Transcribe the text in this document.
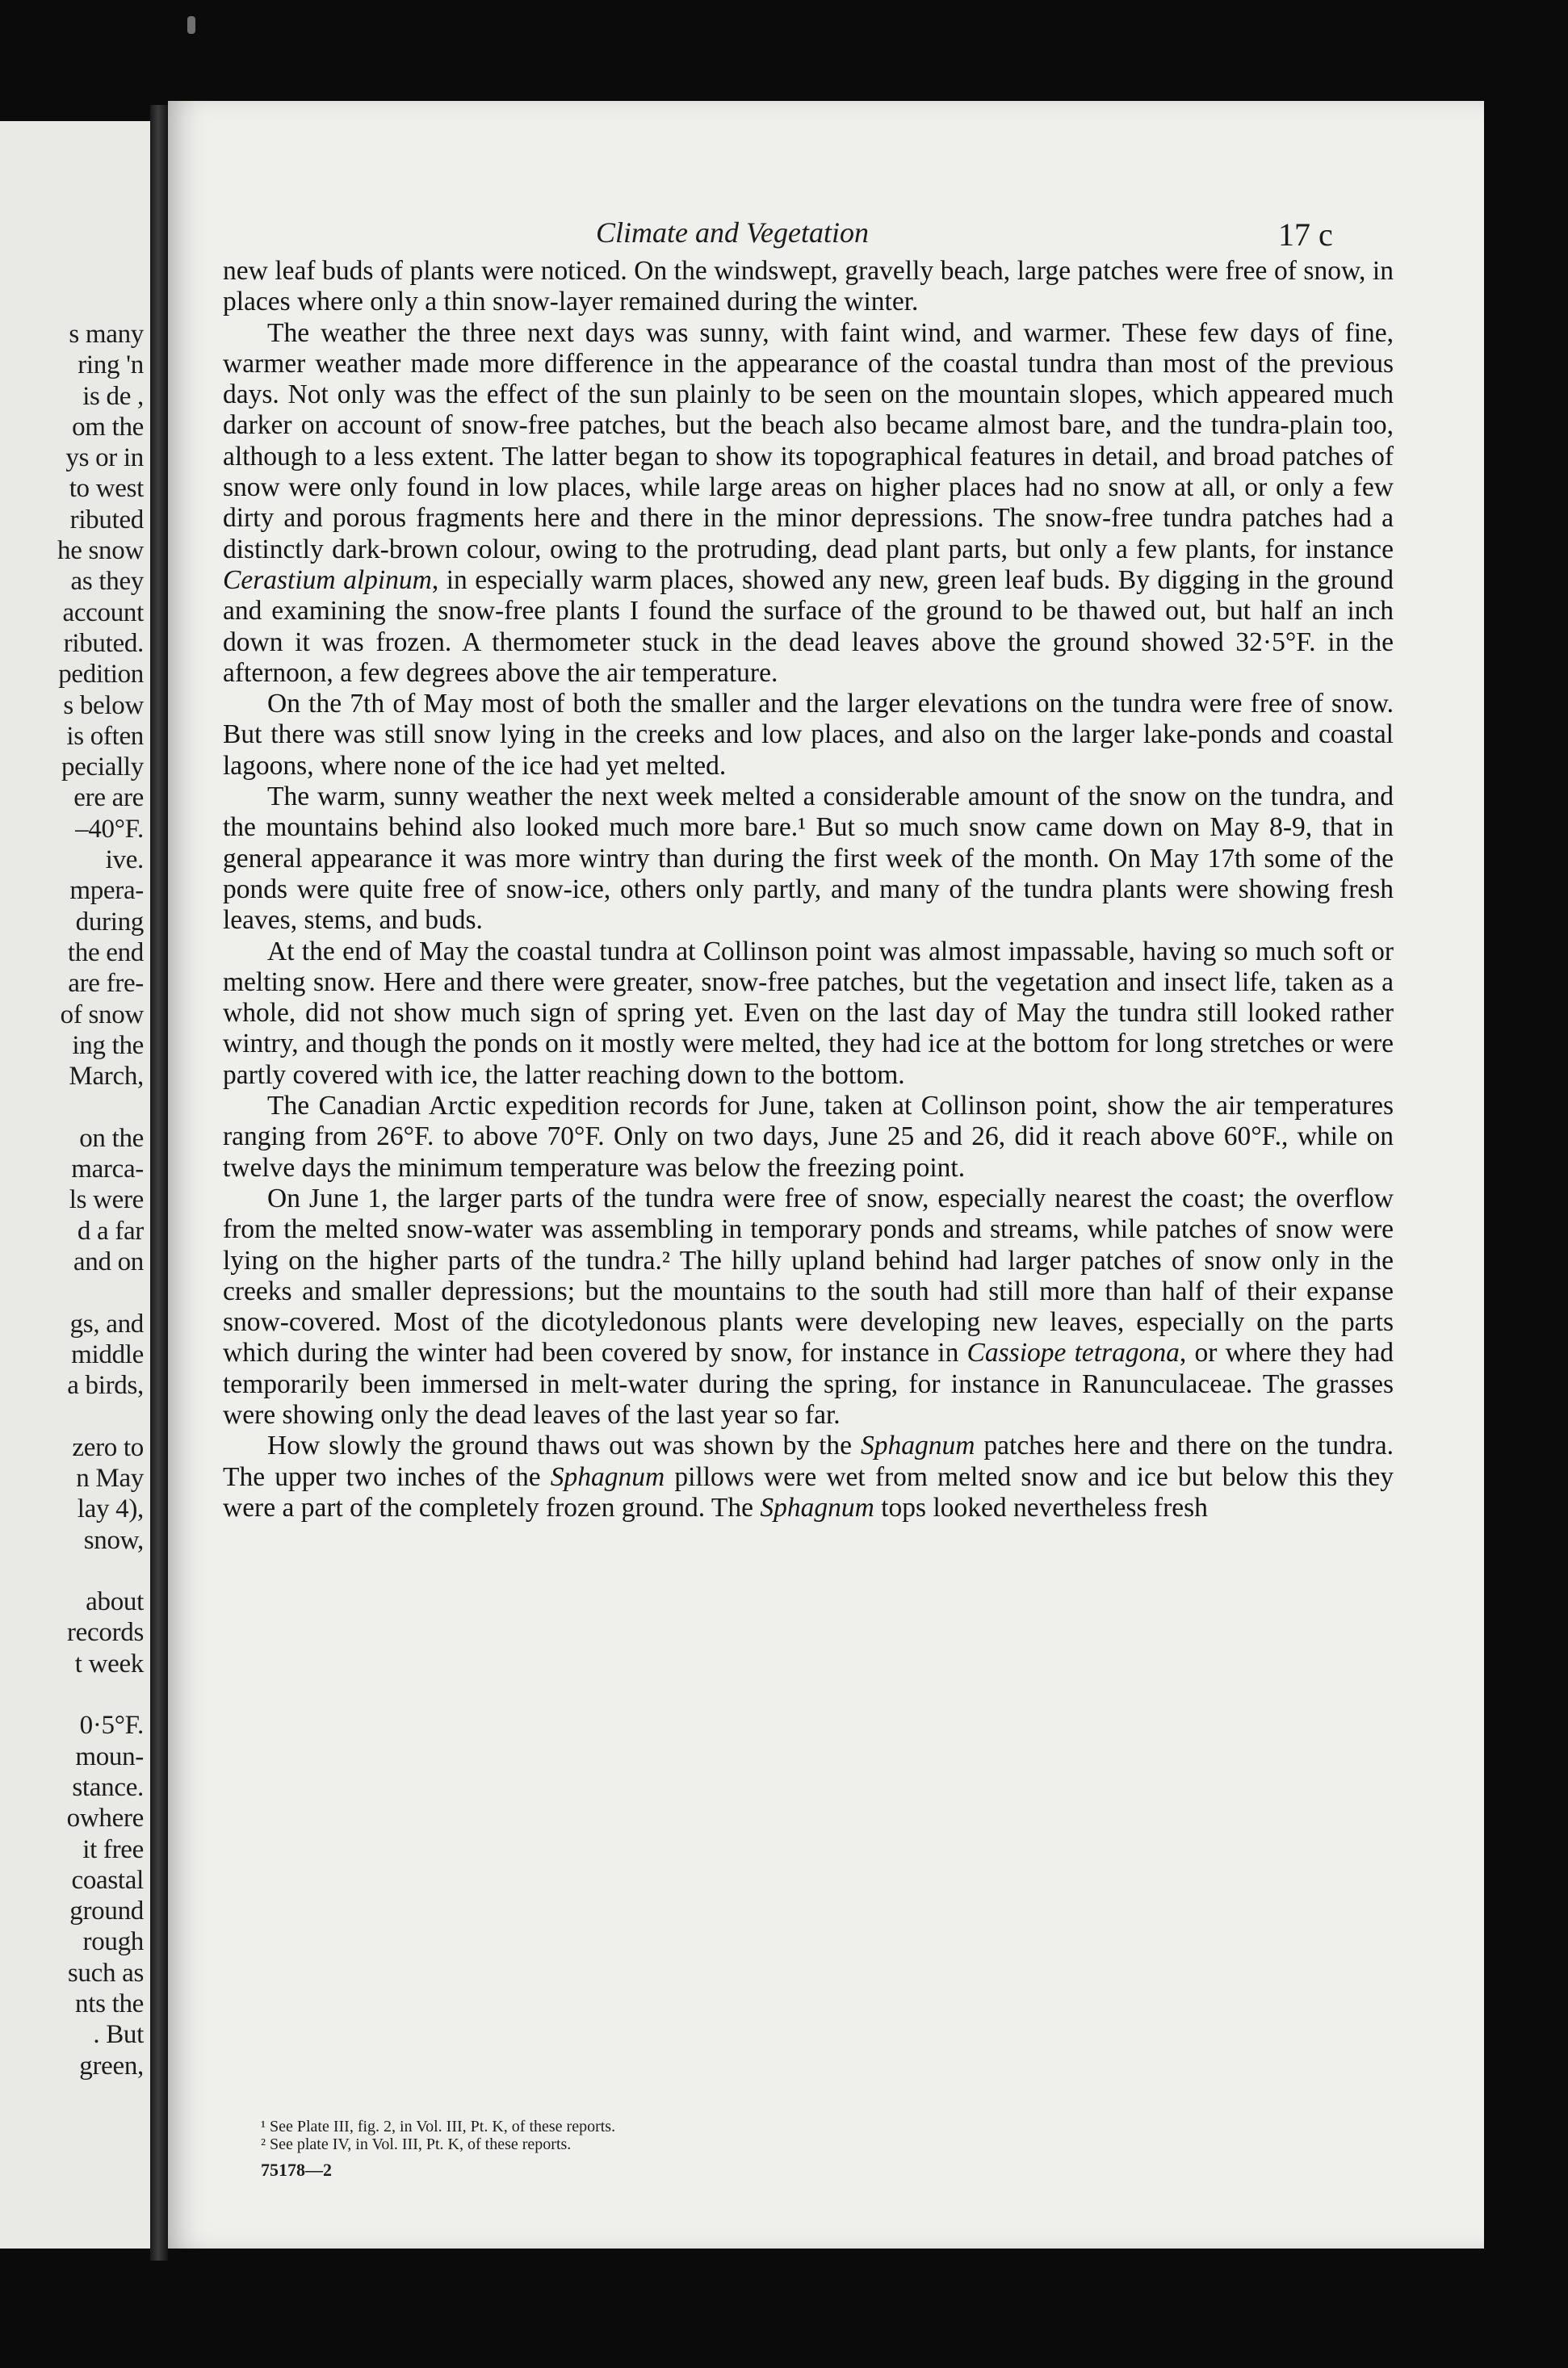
s many
ring 'n
is de ,
om the
ys or in
to west
ributed
he snow
as they
account
ributed.
pedition
s below
is often
pecially
ere are
–40°F.
ive.
mpera-
during
the end
are fre-
of snow
ing the
March,

on the
marca-
ls were
d a far
and on

gs, and
middle
a birds,

zero to
n May
lay 4),
snow,

about
records
t week

0·5°F.
moun-
stance.
owhere
it free
coastal
ground
rough
such as
nts the
. But
green,
Climate and Vegetation	17 c

new leaf buds of plants were noticed. On the windswept, gravelly beach, large patches were free of snow, in places where only a thin snow-layer remained during the winter.

The weather the three next days was sunny, with faint wind, and warmer. These few days of fine, warmer weather made more difference in the appearance of the coastal tundra than most of the previous days. Not only was the effect of the sun plainly to be seen on the mountain slopes, which appeared much darker on account of snow-free patches, but the beach also became almost bare, and the tundra-plain too, although to a less extent. The latter began to show its topographical features in detail, and broad patches of snow were only found in low places, while large areas on higher places had no snow at all, or only a few dirty and porous fragments here and there in the minor depressions. The snow-free tundra patches had a distinctly dark-brown colour, owing to the protruding, dead plant parts, but only a few plants, for instance Cerastium alpinum, in especially warm places, showed any new, green leaf buds. By digging in the ground and examining the snow-free plants I found the surface of the ground to be thawed out, but half an inch down it was frozen. A thermometer stuck in the dead leaves above the ground showed 32·5°F. in the afternoon, a few degrees above the air temperature.

On the 7th of May most of both the smaller and the larger elevations on the tundra were free of snow. But there was still snow lying in the creeks and low places, and also on the larger lake-ponds and coastal lagoons, where none of the ice had yet melted.

The warm, sunny weather the next week melted a considerable amount of the snow on the tundra, and the mountains behind also looked much more bare.¹ But so much snow came down on May 8-9, that in general appearance it was more wintry than during the first week of the month. On May 17th some of the ponds were quite free of snow-ice, others only partly, and many of the tundra plants were showing fresh leaves, stems, and buds.

At the end of May the coastal tundra at Collinson point was almost impassable, having so much soft or melting snow. Here and there were greater, snow-free patches, but the vegetation and insect life, taken as a whole, did not show much sign of spring yet. Even on the last day of May the tundra still looked rather wintry, and though the ponds on it mostly were melted, they had ice at the bottom for long stretches or were partly covered with ice, the latter reaching down to the bottom.

The Canadian Arctic expedition records for June, taken at Collinson point, show the air temperatures ranging from 26°F. to above 70°F. Only on two days, June 25 and 26, did it reach above 60°F., while on twelve days the minimum temperature was below the freezing point.

On June 1, the larger parts of the tundra were free of snow, especially nearest the coast; the overflow from the melted snow-water was assembling in temporary ponds and streams, while patches of snow were lying on the higher parts of the tundra.² The hilly upland behind had larger patches of snow only in the creeks and smaller depressions; but the mountains to the south had still more than half of their expanse snow-covered. Most of the dicotyledonous plants were developing new leaves, especially on the parts which during the winter had been covered by snow, for instance in Cassiope tetragona, or where they had temporarily been immersed in melt-water during the spring, for instance in Ranunculaceae. The grasses were showing only the dead leaves of the last year so far.

How slowly the ground thaws out was shown by the Sphagnum patches here and there on the tundra. The upper two inches of the Sphagnum pillows were wet from melted snow and ice but below this they were a part of the completely frozen ground. The Sphagnum tops looked nevertheless fresh

¹ See Plate III, fig. 2, in Vol. III, Pt. K, of these reports.
² See plate IV, in Vol. III, Pt. K, of these reports.
75178—2
